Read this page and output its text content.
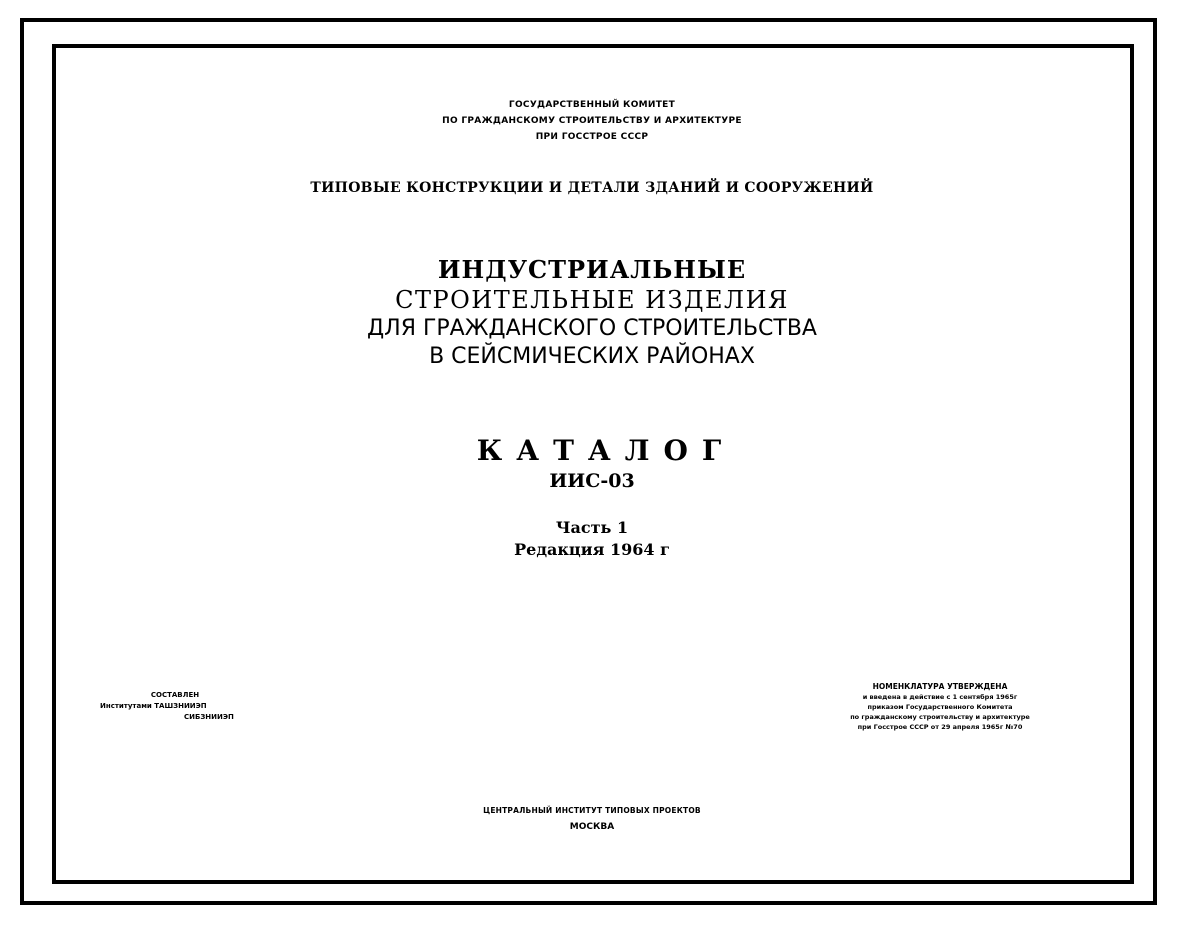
ГОСУДАРСТВЕННЫЙ КОМИТЕТ
ПО ГРАЖДАНСКОМУ СТРОИТЕЛЬСТВУ И АРХИТЕКТУРЕ
ПРИ ГОССТРОЕ СССР
ТИПОВЫЕ КОНСТРУКЦИИ И ДЕТАЛИ ЗДАНИЙ И СООРУЖЕНИЙ
ИНДУСТРИАЛЬНЫЕ
СТРОИТЕЛЬНЫЕ ИЗДЕЛИЯ
ДЛЯ ГРАЖДАНСКОГО СТРОИТЕЛЬСТВА
В СЕЙСМИЧЕСКИХ РАЙОНАХ
КАТАЛОГ
ИИС-03
Часть 1
Редакция 1964 г
СОСТАВЛЕН
Институтами ТАШЗНИИЭП
СИБЗНИИЭП
НОМЕНКЛАТУРА УТВЕРЖДЕНА
и введена в действие с 1 сентября 1965г
приказом Государственного Комитета
по гражданскому строительству и архитектуре
при Госстрое СССР от 29 апреля 1965г №70
ЦЕНТРАЛЬНЫЙ ИНСТИТУТ ТИПОВЫХ ПРОЕКТОВ
МОСКВА
